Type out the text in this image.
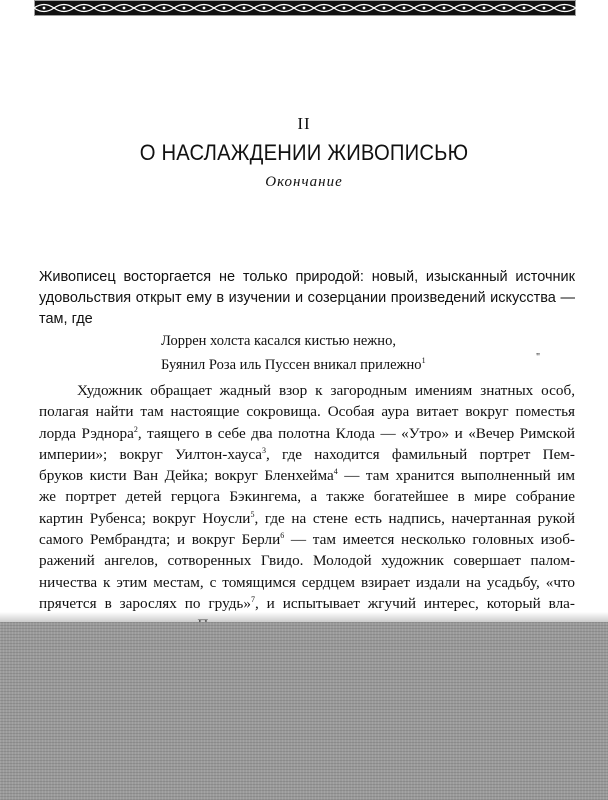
II
О НАСЛАЖДЕНИИ ЖИВОПИСЬЮ
Окончание

Живописец восторгается не только природой: новый, изысканный источник

удовольствия открыт ему в изучении и созерцании произведений искусства —

там, где

Лоррен холста касался кистью нежно,
Буянил Роза иль Пуссен вникал прилежно$^1$	"
Художник обращает жадный взор к загородным имениям знатных особ,
полагая найти там настоящие сокровища. Особая аура витает вокруг поместья
лорда Рэднора$^2$, таящего в себе два полотна Клода — «Утро» и «Вечер Римской
империи»; вокруг Уилтон-хауса$^3$, где находится фамильный портрет Пем-
бруков кисти Ван Дейка; вокруг Бленхейма$^4$ — там хранится выполненный им
же портрет детей герцога Бэкингема, а также богатейшее в мире собрание
картин Рубенса; вокруг Ноусли$^5$, где на стене есть надпись, начертанная рукой
самого Рембрандта; и вокруг Берли$^6$ — там имеется несколько головных изоб-
ражений ангелов, сотворенных Гвидо. Молодой художник совершает палом-
ничества к этим местам, с томящимся сердцем взирает издали на усадьбу, «что
прячется в зарослях по грудь»$^7$, и испытывает жгучий интерес, который вла-
